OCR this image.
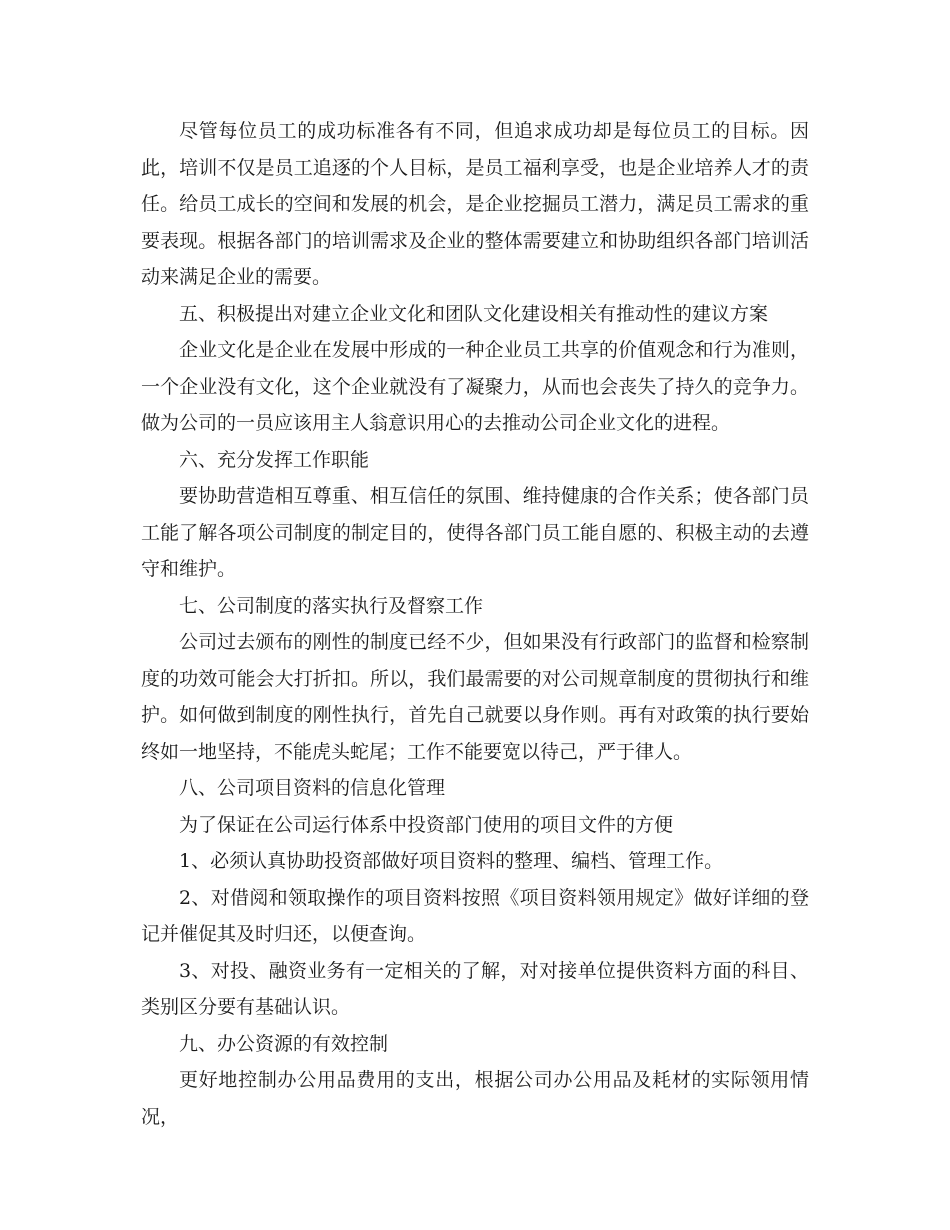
尽管每位员工的成功标准各有不同，但追求成功却是每位员工的目标。因此，培训不仅是员工追逐的个人目标，是员工福利享受，也是企业培养人才的责任。给员工成长的空间和发展的机会，是企业挖掘员工潜力，满足员工需求的重要表现。根据各部门的培训需求及企业的整体需要建立和协助组织各部门培训活动来满足企业的需要。

五、积极提出对建立企业文化和团队文化建设相关有推动性的建议方案

企业文化是企业在发展中形成的一种企业员工共享的价值观念和行为准则，一个企业没有文化，这个企业就没有了凝聚力，从而也会丧失了持久的竞争力。做为公司的一员应该用主人翁意识用心的去推动公司企业文化的进程。

六、充分发挥工作职能

要协助营造相互尊重、相互信任的氛围、维持健康的合作关系；使各部门员工能了解各项公司制度的制定目的，使得各部门员工能自愿的、积极主动的去遵守和维护。

七、公司制度的落实执行及督察工作

公司过去颁布的刚性的制度已经不少，但如果没有行政部门的监督和检察制度的功效可能会大打折扣。所以，我们最需要的对公司规章制度的贯彻执行和维护。如何做到制度的刚性执行，首先自己就要以身作则。再有对政策的执行要始终如一地坚持，不能虎头蛇尾；工作不能要宽以待己，严于律人。

八、公司项目资料的信息化管理

为了保证在公司运行体系中投资部门使用的项目文件的方便

1、必须认真协助投资部做好项目资料的整理、编档、管理工作。

2、对借阅和领取操作的项目资料按照《项目资料领用规定》做好详细的登记并催促其及时归还，以便查询。

3、对投、融资业务有一定相关的了解，对对接单位提供资料方面的科目、类别区分要有基础认识。

九、办公资源的有效控制

更好地控制办公用品费用的支出，根据公司办公用品及耗材的实际领用情况，
